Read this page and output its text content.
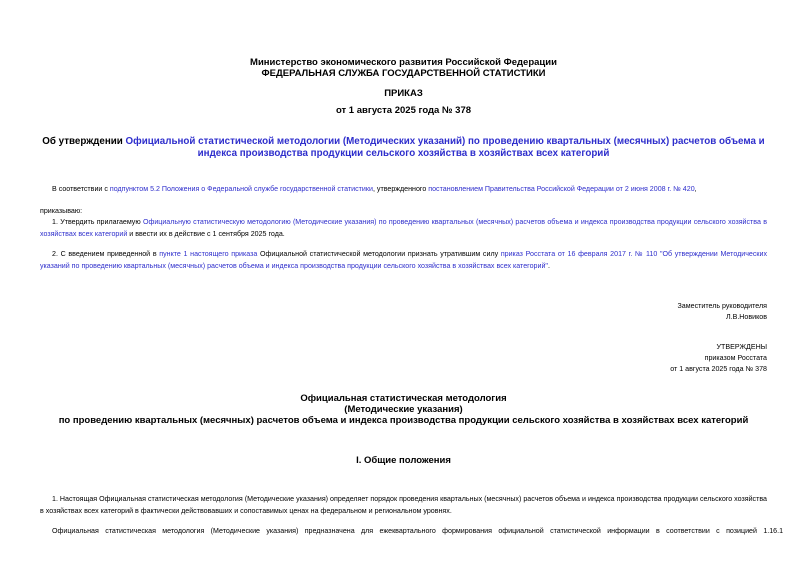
Министерство экономического развития Российской Федерации
ФЕДЕРАЛЬНАЯ СЛУЖБА ГОСУДАРСТВЕННОЙ СТАТИСТИКИ
ПРИКАЗ
от 1 августа 2025 года № 378
Об утверждении Официальной статистической методологии (Методических указаний) по проведению квартальных (месячных) расчетов объема и индекса производства продукции сельского хозяйства в хозяйствах всех категорий
В соответствии с подпунктом 5.2 Положения о Федеральной службе государственной статистики, утвержденного постановлением Правительства Российской Федерации от 2 июня 2008 г. № 420,
приказываю:
1. Утвердить прилагаемую Официальную статистическую методологию (Методические указания) по проведению квартальных (месячных) расчетов объема и индекса производства продукции сельского хозяйства в хозяйствах всех категорий и ввести их в действие с 1 сентября 2025 года.
2. С введением приведенной в пункте 1 настоящего приказа Официальной статистической методологии признать утратившим силу приказ Росстата от 16 февраля 2017 г. № 110 "Об утверждении Методических указаний по проведению квартальных (месячных) расчетов объема и индекса производства продукции сельского хозяйства в хозяйствах всех категорий".
Заместитель руководителя
Л.В.Новиков
УТВЕРЖДЕНЫ
приказом Росстата
от 1 августа 2025 года № 378
Официальная статистическая методология
(Методические указания)
по проведению квартальных (месячных) расчетов объема и индекса производства продукции сельского хозяйства в хозяйствах всех категорий
I. Общие положения
1. Настоящая Официальная статистическая методология (Методические указания) определяет порядок проведения квартальных (месячных) расчетов объема и индекса производства продукции сельского хозяйства в хозяйствах всех категорий в фактически действовавших и сопоставимых ценах на федеральном и региональном уровнях.
Официальная статистическая методология (Методические указания) предназначена для ежеквартального формирования официальной статистической информации в соответствии с позицией 1.16.1
